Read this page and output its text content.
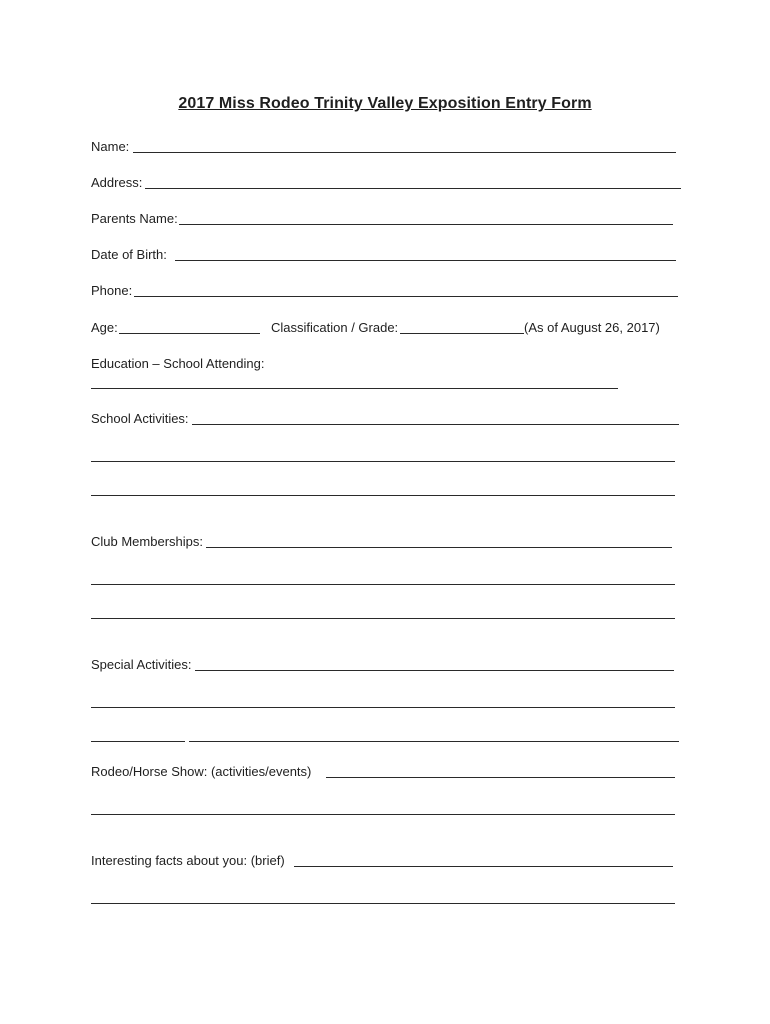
2017 Miss Rodeo Trinity Valley Exposition Entry Form
Name:
Address:
Parents Name:
Date of Birth:
Phone:
Age:	Classification / Grade:	(As of August 26, 2017)
Education – School Attending:
School Activities:
Club Memberships:
Special Activities:
Rodeo/Horse Show: (activities/events)
Interesting facts about you: (brief)
